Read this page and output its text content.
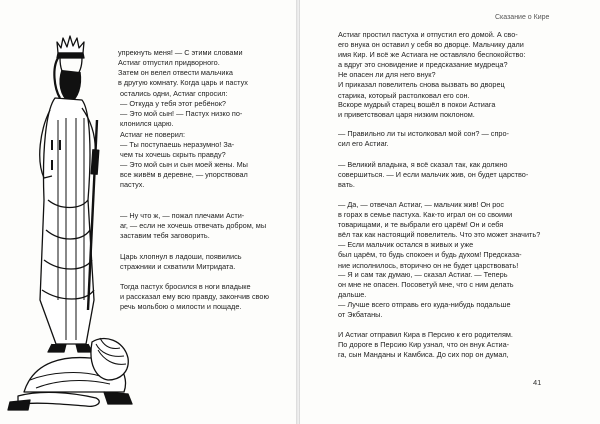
упрекнуть меня! — С этими словами
Астиаг отпустил придворного.
Затем он велел отвести мальчика
в другую комнату. Когда царь и пастух
остались одни, Астиаг спросил:
— Откуда у тебя этот ребёнок?
— Это мой сын! — Пастух низко по-
клонился царю.
Астиаг не поверил:
— Ты поступаешь неразумно! За-
чем ты хочешь скрыть правду?
— Это мой сын и сын моей жены. Мы
все живём в деревне, — упорствовал
пастух.
— Ну что ж, — пожал плечами Асти-
аг, — если не хочешь отвечать добром, мы
заставим тебя заговорить.
Царь хлопнул в ладоши, появились
стражники и схватили Митридата.
Тогда пастух бросился в ноги владыке
и рассказал ему всю правду, закончив свою
речь мольбою о милости и пощаде.
Сказание о Кире
Астиаг простил пастуха и отпустил его домой. А сво-
его внука он оставил у себя во дворце. Мальчику дали
имя Кир. И всё же Астиага не оставляло беспокойство:
а вдруг это сновидение и предсказание мудреца?
Не опасен ли для него внук?
И приказал повелитель снова вызвать во дворец
старика, который растолковал его сон.
Вскоре мудрый старец вошёл в покои Астиага
и приветствовал царя низким поклоном.
— Правильно ли ты истолковал мой сон? — спро-
сил его Астиаг.
— Великий владыка, я всё сказал так, как должно
совершиться. — И если мальчик жив, он будет царство-
вать.
— Да, — отвечал Астиаг, — мальчик жив! Он рос
в горах в семье пастуха. Как-то играл он со своими
товарищами, и те выбрали его царём! Он и себя
вёл так как настоящий повелитель. Что это может значить?
— Если мальчик остался в живых и уже
был царём, то будь спокоен и будь духом! Предсказа-
ние исполнилось, вторично он не будет царствовать!
— Я и сам так думаю, — сказал Астиаг. — Теперь
он мне не опасен. Посоветуй мне, что с ним делать
дальше.
— Лучше всего отправь его куда-нибудь подальше
от Экбатаны.
И Астиаг отправил Кира в Персию к его родителям.
По дороге в Персию Кир узнал, что он внук Астиа-
га, сын Манданы и Камбиса. До сих пор он думал,
41
